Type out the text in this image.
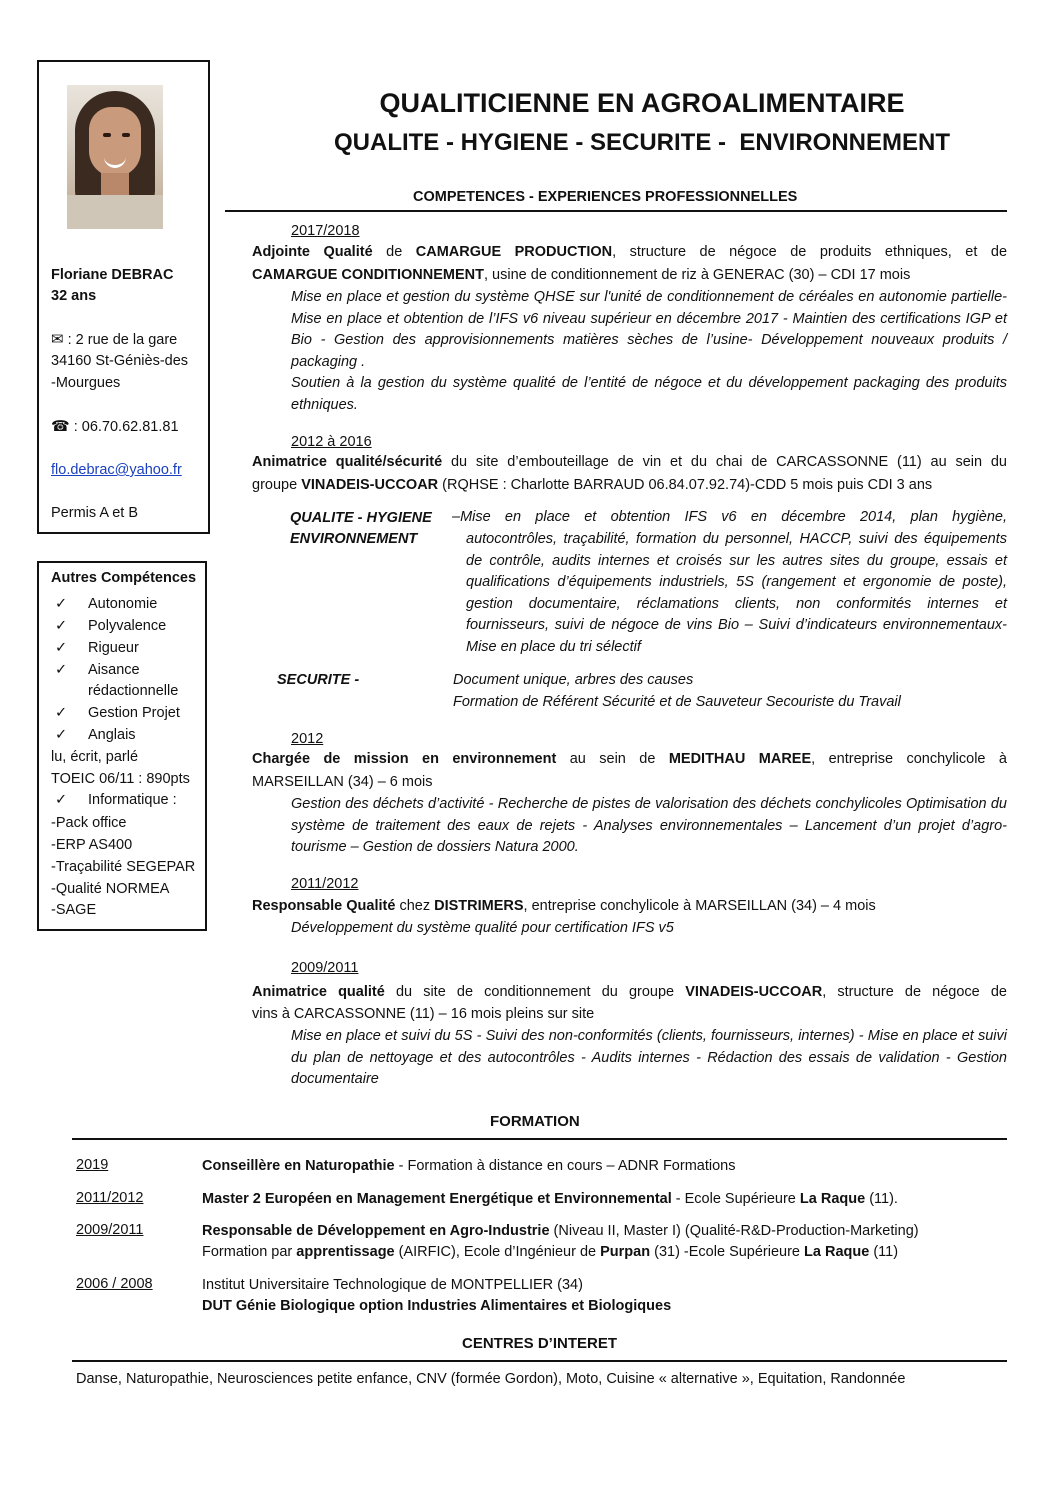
Floriane DEBRAC
32 ans
✉ : 2 rue de la gare
34160 St-Géniès-des
-Mourgues
☎ : 06.70.62.81.81
flo.debrac@yahoo.fr
Permis A et B
Autres Compétences
✓ Autonomie
✓ Polyvalence
✓ Rigueur
✓ Aisance
rédactionnelle
✓ Gestion Projet
✓ Anglais
lu, écrit, parlé
TOEIC 06/11 : 890pts
✓ Informatique :
-Pack office
-ERP AS400
-Traçabilité SEGEPAR
-Qualité NORMEA
-SAGE
QUALITICIENNE EN AGROALIMENTAIRE
QUALITE - HYGIENE - SECURITE -  ENVIRONNEMENT
COMPETENCES - EXPERIENCES PROFESSIONNELLES
2017/2018
Adjointe Qualité de CAMARGUE PRODUCTION, structure de négoce de produits ethniques, et de
CAMARGUE CONDITIONNEMENT, usine de conditionnement de riz à GENERAC (30) – CDI 17 mois
Mise en place et gestion du système QHSE sur l'unité de conditionnement de céréales en autonomie partielle- Mise en place et obtention de l’IFS v6 niveau supérieur en décembre 2017 - Maintien des certifications IGP et Bio - Gestion des approvisionnements matières sèches de l’usine- Développement nouveaux produits / packaging .
Soutien à la gestion du système qualité de l’entité de négoce et du développement packaging des produits ethniques.
2012 à 2016
Animatrice qualité/sécurité du site d’embouteillage de vin et du chai de CARCASSONNE (11) au sein du
groupe VINADEIS-UCCOAR (RQHSE : Charlotte BARRAUD 06.84.07.92.74)-CDD 5 mois puis CDI 3 ans
QUALITE - HYGIENE
ENVIRONNEMENT
–Mise en place et obtention IFS v6 en décembre 2014, plan hygiène,
autocontrôles, traçabilité, formation du personnel, HACCP, suivi des équipements de contrôle, audits internes et croisés sur les autres sites du groupe, essais et qualifications d’équipements industriels, 5S (rangement et ergonomie de poste), gestion documentaire, réclamations clients, non conformités internes et fournisseurs, suivi de négoce de vins Bio – Suivi d’indicateurs environnementaux- Mise en place du tri sélectif
SECURITE -	Document unique, arbres des causes
Formation de Référent Sécurité et de Sauveteur Secouriste du Travail
2012
Chargée de mission en environnement au sein de MEDITHAU MAREE, entreprise conchylicole à
MARSEILLAN (34) – 6 mois
Gestion des déchets d’activité - Recherche de pistes de valorisation des déchets conchylicoles Optimisation du système de traitement des eaux de rejets - Analyses environnementales – Lancement d’un projet d’agro-tourisme – Gestion de dossiers Natura 2000.
2011/2012
Responsable Qualité chez DISTRIMERS, entreprise conchylicole à MARSEILLAN (34) – 4 mois
Développement du système qualité pour certification IFS v5
2009/2011
Animatrice qualité du site de conditionnement du groupe VINADEIS-UCCOAR, structure de négoce de
vins à CARCASSONNE (11) – 16 mois pleins sur site
Mise en place et suivi du 5S - Suivi des non-conformités (clients, fournisseurs, internes) - Mise en place et suivi du plan de nettoyage et des autocontrôles - Audits internes - Rédaction des essais de validation - Gestion documentaire
FORMATION
2019	Conseillère en Naturopathie - Formation à distance en cours – ADNR Formations
2011/2012	Master 2 Européen en Management Energétique et Environnemental - Ecole Supérieure La Raque (11).
2009/2011	Responsable de Développement en Agro-Industrie (Niveau II, Master I) (Qualité-R&D-Production-Marketing)
Formation par apprentissage (AIRFIC), Ecole d’Ingénieur de Purpan (31) -Ecole Supérieure La Raque (11)
2006 / 2008	Institut Universitaire Technologique de MONTPELLIER (34)
DUT Génie Biologique option Industries Alimentaires et Biologiques
CENTRES D’INTERET
Danse, Naturopathie, Neurosciences petite enfance, CNV (formée Gordon), Moto, Cuisine « alternative », Equitation, Randonnée
